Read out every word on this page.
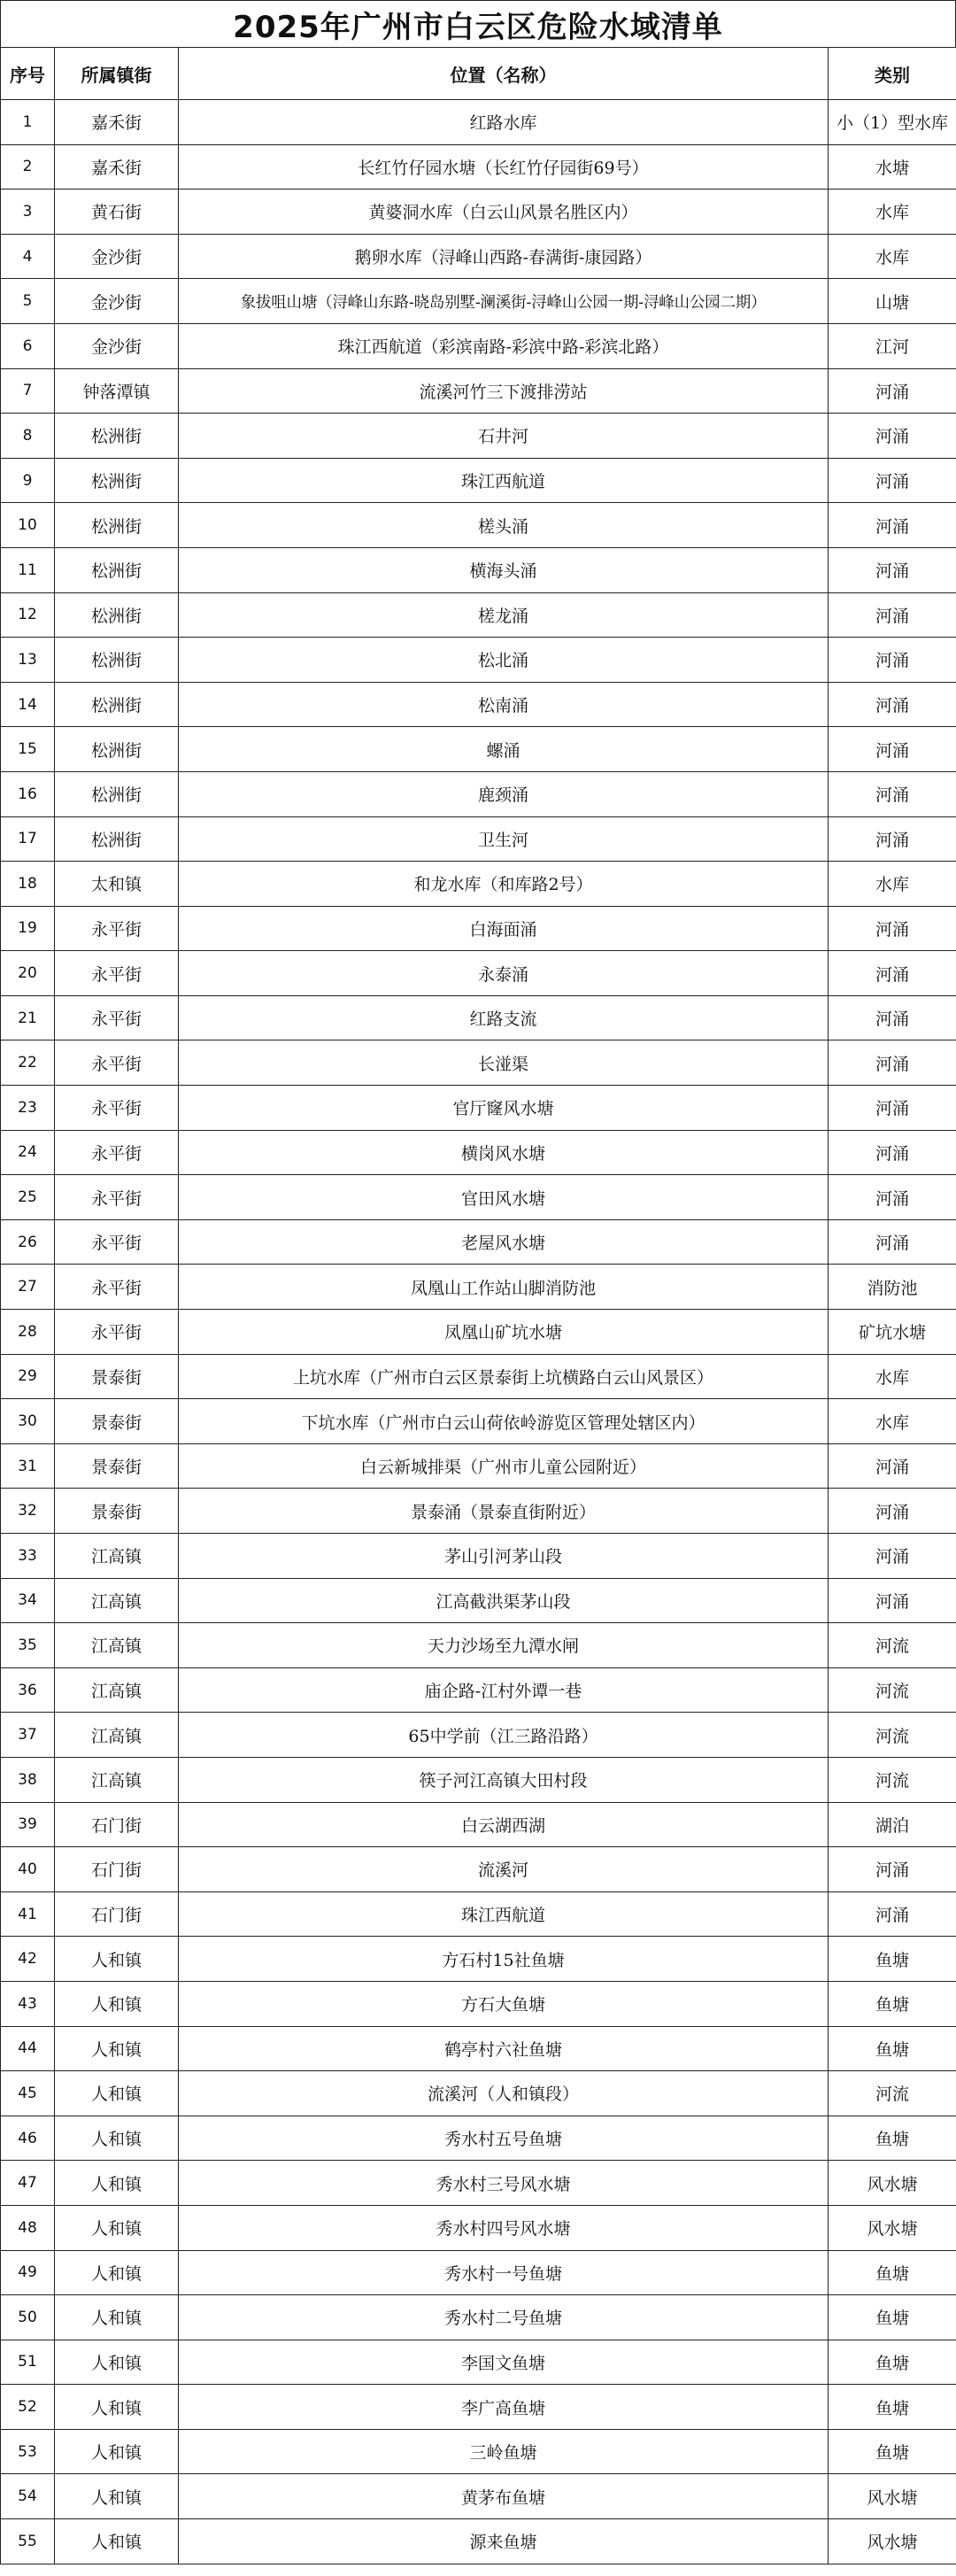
2025年广州市白云区危险水域清单
序号	所属镇街	位置（名称）	类别
1	嘉禾街	红路水库	小（1）型水库
2	嘉禾街	长红竹仔园水塘（长红竹仔园街69号）	水塘
3	黄石街	黄婆洞水库（白云山风景名胜区内）	水库
4	金沙街	鹅卵水库（浔峰山西路-春满街-康园路）	水库
5	金沙街	象拔咀山塘（浔峰山东路-晓岛别墅-澜溪街-浔峰山公园一期-浔峰山公园二期）	山塘
6	金沙街	珠江西航道（彩滨南路-彩滨中路-彩滨北路）	江河
7	钟落潭镇	流溪河竹三下渡排涝站	河涌
8	松洲街	石井河	河涌
9	松洲街	珠江西航道	河涌
10	松洲街	槎头涌	河涌
11	松洲街	横海头涌	河涌
12	松洲街	槎龙涌	河涌
13	松洲街	松北涌	河涌
14	松洲街	松南涌	河涌
15	松洲街	螺涌	河涌
16	松洲街	鹿颈涌	河涌
17	松洲街	卫生河	河涌
18	太和镇	和龙水库（和库路2号）	水库
19	永平街	白海面涌	河涌
20	永平街	永泰涌	河涌
21	永平街	红路支流	河涌
22	永平街	长湴渠	河涌
23	永平街	官厅窿风水塘	河涌
24	永平街	横岗风水塘	河涌
25	永平街	官田风水塘	河涌
26	永平街	老屋风水塘	河涌
27	永平街	凤凰山工作站山脚消防池	消防池
28	永平街	凤凰山矿坑水塘	矿坑水塘
29	景泰街	上坑水库（广州市白云区景泰街上坑横路白云山风景区）	水库
30	景泰街	下坑水库（广州市白云山荷依岭游览区管理处辖区内）	水库
31	景泰街	白云新城排渠（广州市儿童公园附近）	河涌
32	景泰街	景泰涌（景泰直街附近）	河涌
33	江高镇	茅山引河茅山段	河涌
34	江高镇	江高截洪渠茅山段	河涌
35	江高镇	天力沙场至九潭水闸	河流
36	江高镇	庙企路-江村外谭一巷	河流
37	江高镇	65中学前（江三路沿路）	河流
38	江高镇	筷子河江高镇大田村段	河流
39	石门街	白云湖西湖	湖泊
40	石门街	流溪河	河涌
41	石门街	珠江西航道	河涌
42	人和镇	方石村15社鱼塘	鱼塘
43	人和镇	方石大鱼塘	鱼塘
44	人和镇	鹤亭村六社鱼塘	鱼塘
45	人和镇	流溪河（人和镇段）	河流
46	人和镇	秀水村五号鱼塘	鱼塘
47	人和镇	秀水村三号风水塘	风水塘
48	人和镇	秀水村四号风水塘	风水塘
49	人和镇	秀水村一号鱼塘	鱼塘
50	人和镇	秀水村二号鱼塘	鱼塘
51	人和镇	李国文鱼塘	鱼塘
52	人和镇	李广高鱼塘	鱼塘
53	人和镇	三岭鱼塘	鱼塘
54	人和镇	黄茅布鱼塘	风水塘
55	人和镇	源来鱼塘	风水塘
